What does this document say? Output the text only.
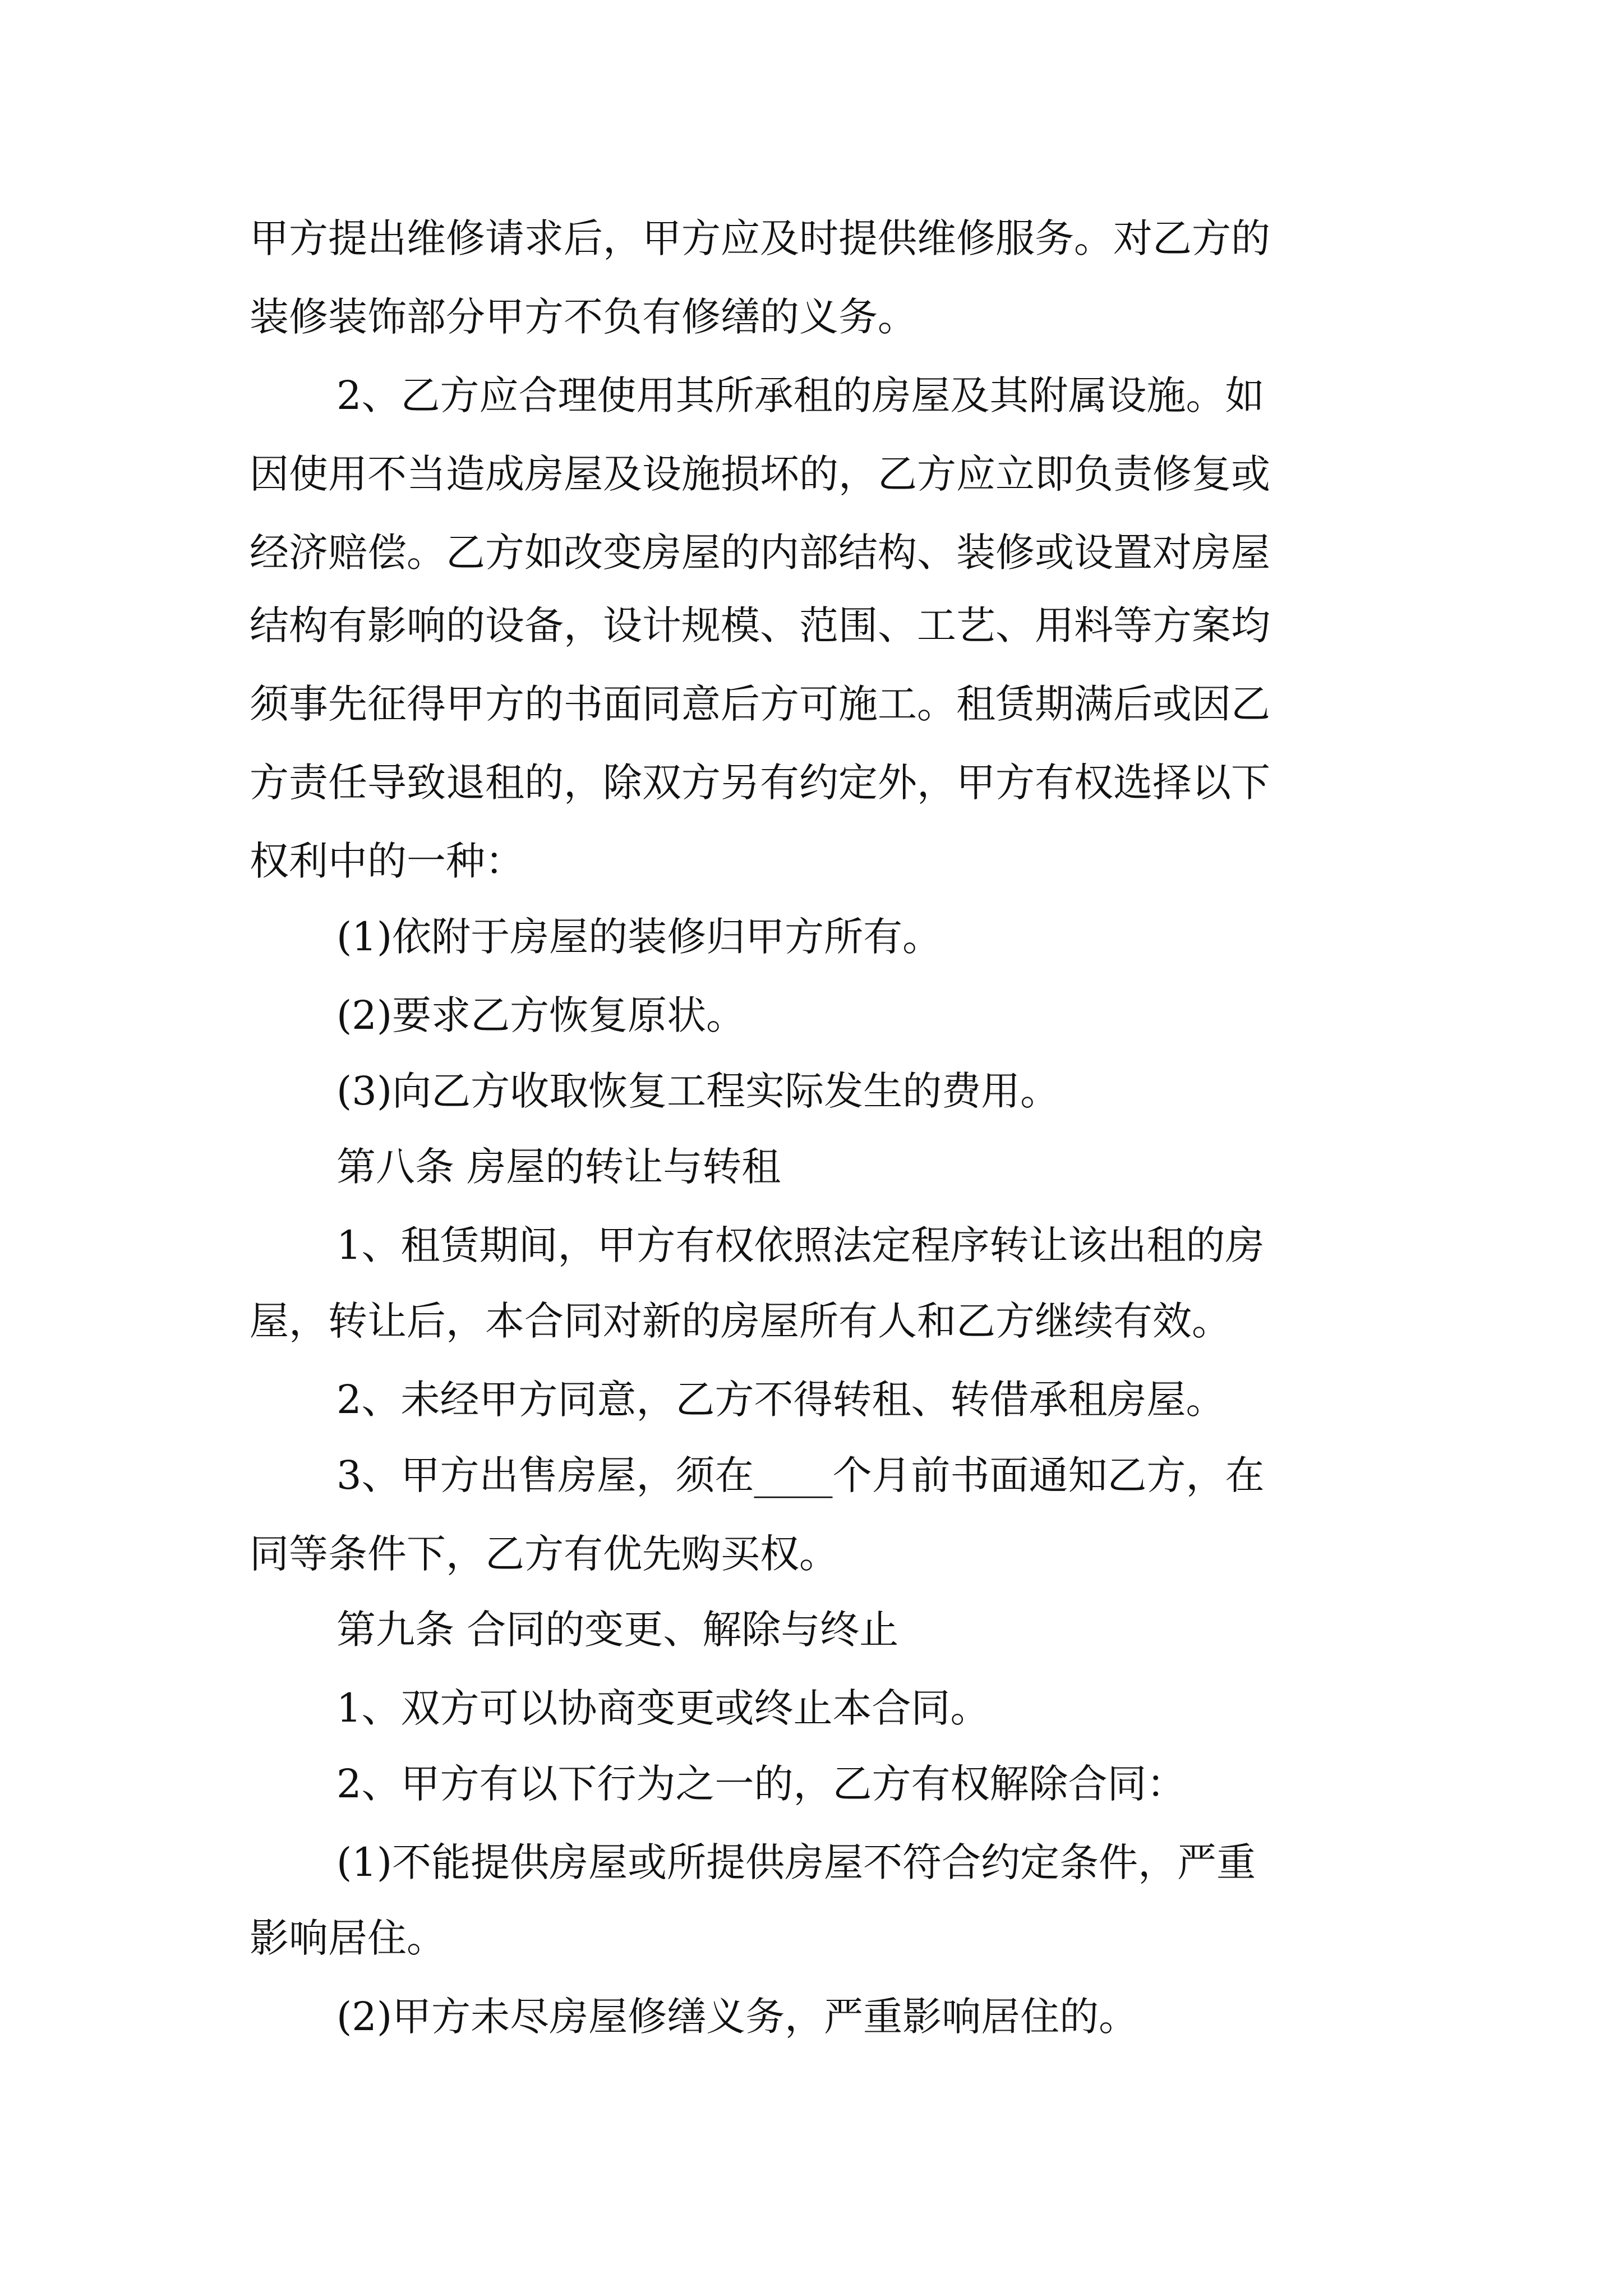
甲方提出维修请求后，甲方应及时提供维修服务。对乙方的
装修装饰部分甲方不负有修缮的义务。
2、乙方应合理使用其所承租的房屋及其附属设施。如
因使用不当造成房屋及设施损坏的，乙方应立即负责修复或
经济赔偿。乙方如改变房屋的内部结构、装修或设置对房屋
结构有影响的设备，设计规模、范围、工艺、用料等方案均
须事先征得甲方的书面同意后方可施工。租赁期满后或因乙
方责任导致退租的，除双方另有约定外，甲方有权选择以下
权利中的一种：
(1)依附于房屋的装修归甲方所有。
(2)要求乙方恢复原状。
(3)向乙方收取恢复工程实际发生的费用。
第八条 房屋的转让与转租
1、租赁期间，甲方有权依照法定程序转让该出租的房
屋，转让后，本合同对新的房屋所有人和乙方继续有效。
2、未经甲方同意，乙方不得转租、转借承租房屋。
3、甲方出售房屋，须在____个月前书面通知乙方，在
同等条件下，乙方有优先购买权。
第九条 合同的变更、解除与终止
1、双方可以协商变更或终止本合同。
2、甲方有以下行为之一的，乙方有权解除合同：
(1)不能提供房屋或所提供房屋不符合约定条件，严重
影响居住。
(2)甲方未尽房屋修缮义务，严重影响居住的。
